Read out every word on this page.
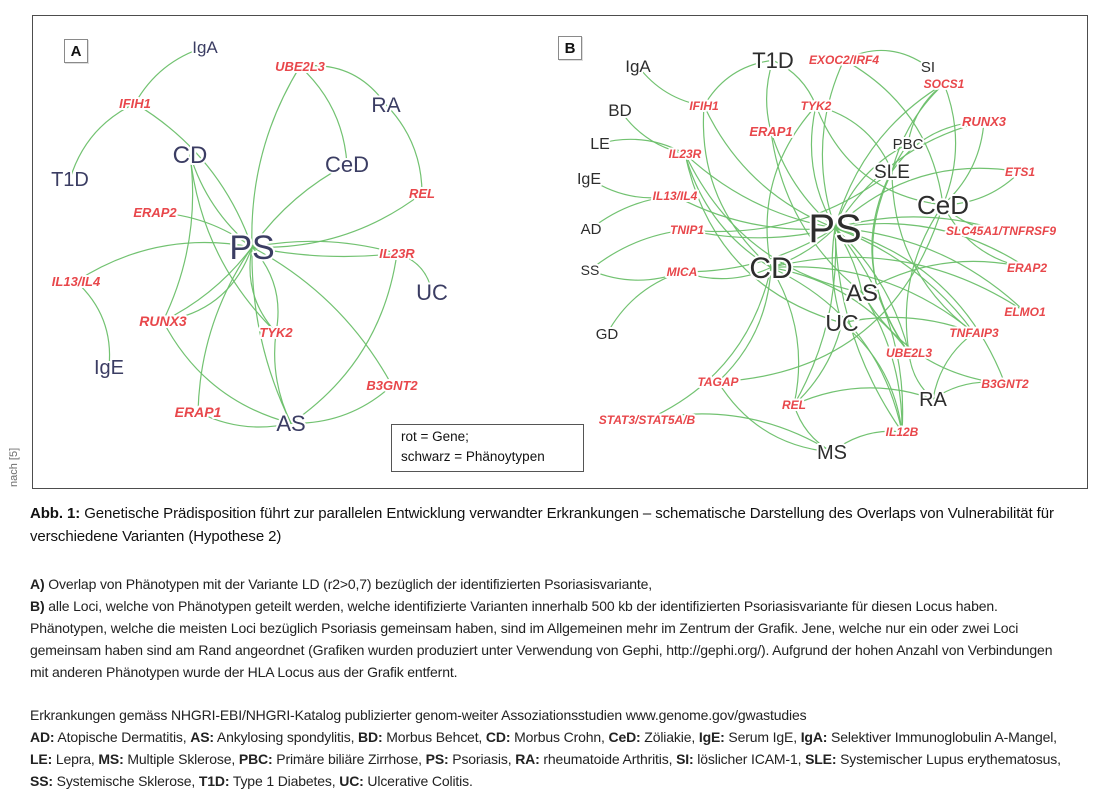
IgA
UBE2L3
RA
IFIH1
CD	CeD
T1D
REL
ERAP2
PS	IL23R
IL13/IL4	UC
RUNX3
TYK2
IgE
B3GNT2
ERAP1 AS
IgA	T1D EXOC2/IRF4	SI
SOCS1
BD	IFIH1	TYK2
RUNX3
ERAP1
LE
IL23R
PBC
SLE
IgE	ETS1
CeD
IL13/IL4
PS
AD	TNIP1	SLC45A1/TNFRSF9
SS	MICA CD	ERAP2
AS
ELMO1
GD	UC	TNFAIP3
UBE2L3
TAGAP	B3GNT2
REL	RA
STAT3/STAT5A/B
IL12B
MS
A	B
rot = Gene;
schwarz = Phänoytypen
nach [5]

Abb. 1: Genetische Prädisposition führt zur parallelen Entwicklung verwandter Erkrankungen – schematische Darstellung des Overlaps von Vulnerabilität für verschiedene Varianten (Hypothese 2)

A) Overlap von Phänotypen mit der Variante LD (r2>0,7) bezüglich der identifizierten Psoriasisvariante,

B) alle Loci, welche von Phänotypen geteilt werden, welche identifizierte Varianten innerhalb 500 kb der identifizierten Psoriasisvariante für diesen Locus haben. Phänotypen, welche die meisten Loci bezüglich Psoriasis gemeinsam haben, sind im Allgemeinen mehr im Zentrum der Grafik. Jene, welche nur ein oder zwei Loci gemeinsam haben sind am Rand angeordnet (Grafiken wurden produziert unter Verwendung von Gephi, http://gephi.org/). Aufgrund der hohen Anzahl von Verbindungen mit anderen Phänotypen wurde der HLA Locus aus der Grafik entfernt.

Erkrankungen gemäss NHGRI-EBI/NHGRI-Katalog publizierter genom-weiter Assoziationsstudien www.genome.gov/gwastudies

AD: Atopische Dermatitis, AS: Ankylosing spondylitis, BD: Morbus Behcet, CD: Morbus Crohn, CeD: Zöliakie, IgE: Serum IgE, IgA: Selektiver Immunoglobulin A-Mangel, LE: Lepra, MS: Multiple Sklerose, PBC: Primäre biliäre Zirrhose, PS: Psoriasis, RA: rheumatoide Arthritis, SI: löslicher ICAM-1, SLE: Systemischer Lupus erythematosus, SS: Systemische Sklerose, T1D: Type 1 Diabetes, UC: Ulcerative Colitis.
